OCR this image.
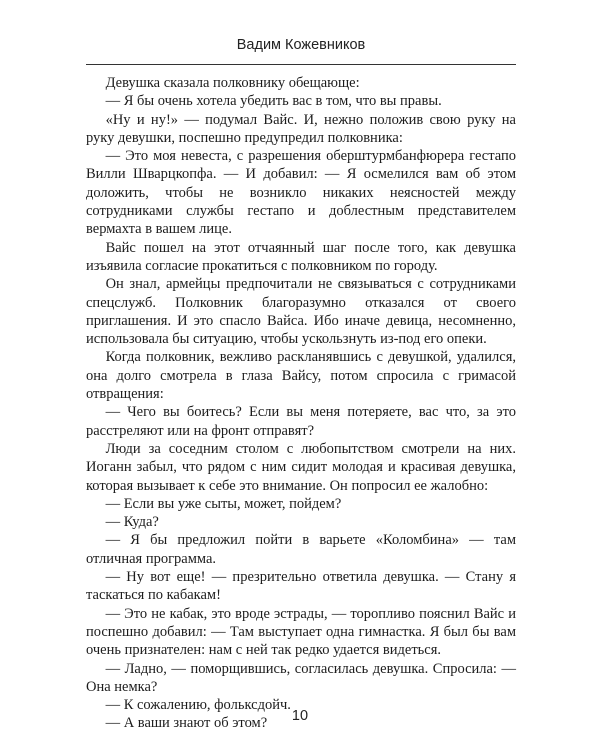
Вадим Кожевников

Девушка сказала полковнику обещающе:

— Я бы очень хотела убедить вас в том, что вы правы.

«Ну и ну!» — подумал Вайс. И, нежно положив свою руку на руку девушки, поспешно предупредил полковника:

— Это моя невеста, с разрешения оберштурмбанфюрера гестапо Вилли Шварцкопфа. — И добавил: — Я осмелился вам об этом доложить, чтобы не возникло никаких неясностей между сотрудниками службы гестапо и доблестным представителем вермахта в вашем лице.

Вайс пошел на этот отчаянный шаг после того, как девушка изъявила согласие прокатиться с полковником по городу.

Он знал, армейцы предпочитали не связываться с сотрудниками спецслужб. Полковник благоразумно отказался от своего приглашения. И это спасло Вайса. Ибо иначе девица, несомненно, использовала бы ситуацию, чтобы ускользнуть из-под его опеки.

Когда полковник, вежливо раскланявшись с девушкой, удалился, она долго смотрела в глаза Вайсу, потом спросила с гримасой отвращения:

— Чего вы боитесь? Если вы меня потеряете, вас что, за это расстреляют или на фронт отправят?

Люди за соседним столом с любопытством смотрели на них. Иоганн забыл, что рядом с ним сидит молодая и красивая девушка, которая вызывает к себе это внимание. Он попросил ее жалобно:

— Если вы уже сыты, может, пойдем?

— Куда?

— Я бы предложил пойти в варьете «Коломбина» — там отличная программа.

— Ну вот еще! — презрительно ответила девушка. — Стану я таскаться по кабакам!

— Это не кабак, это вроде эстрады, — торопливо пояснил Вайс и поспешно добавил: — Там выступает одна гимнастка. Я был бы вам очень признателен: нам с ней так редко удается видеться.

— Ладно, — поморщившись, согласилась девушка. Спросила: — Она немка?

— К сожалению, фольксдойч.

— А ваши знают об этом?	10
